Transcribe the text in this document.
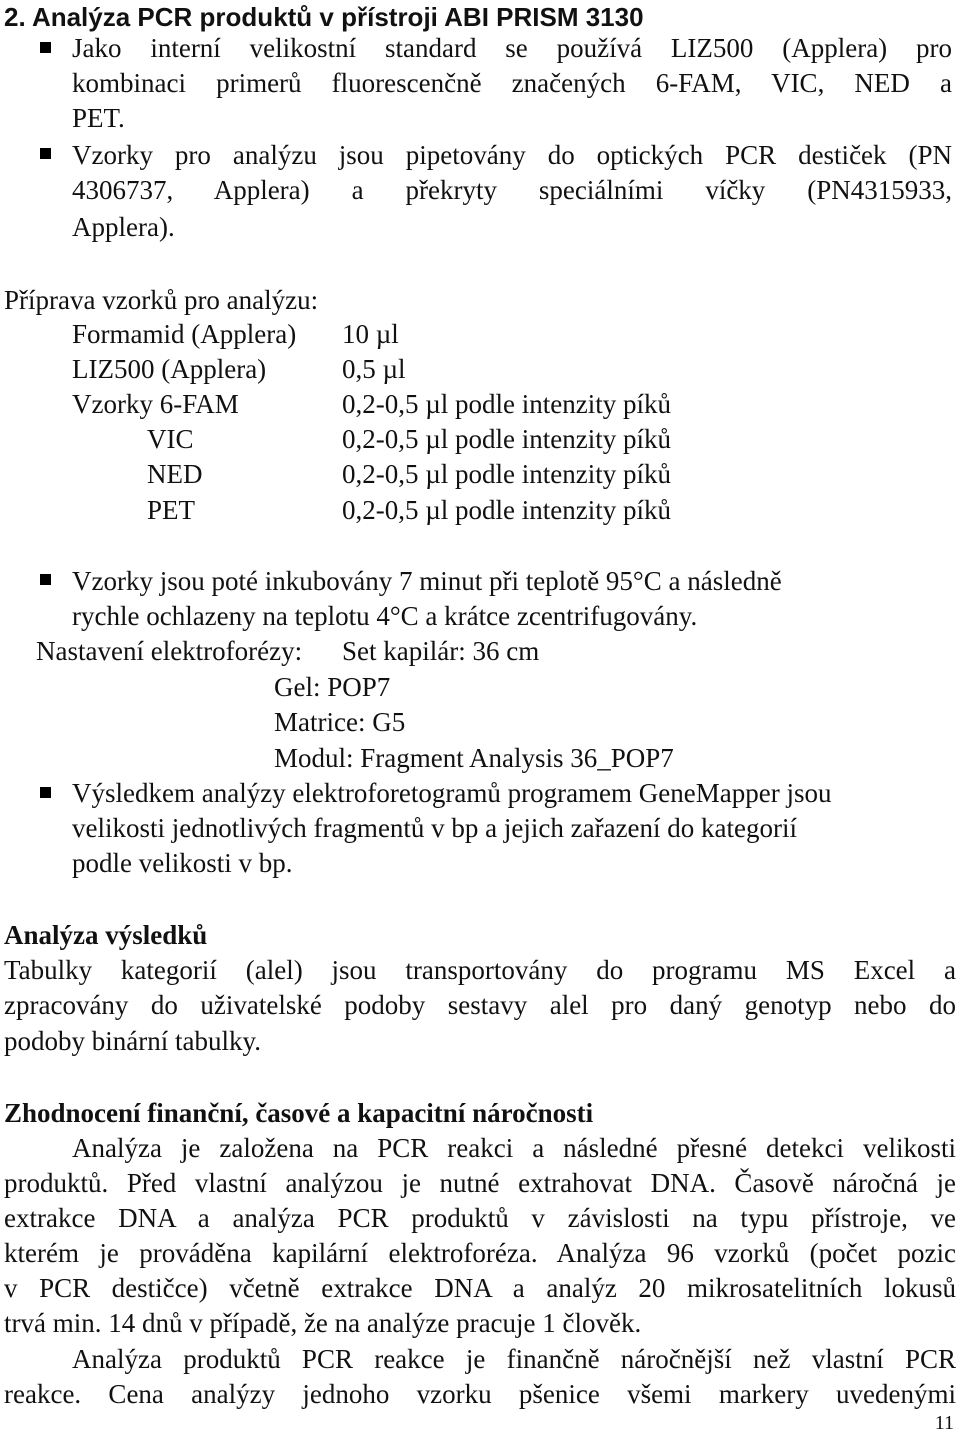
2. Analýza PCR produktů v přístroji ABI PRISM 3130
Jako interní velikostní standard se používá LIZ500 (Applera) pro
kombinaci primerů fluorescenčně značených 6-FAM, VIC, NED a
PET.
Vzorky pro analýzu jsou pipetovány do optických PCR destiček (PN
4306737, Applera) a překryty speciálními víčky (PN4315933,
Applera).
Příprava vzorků pro analýzu:
Formamid (Applera) 10 µl
LIZ500 (Applera)	0,5 µl
Vzorky 6-FAM	0,2-0,5 µl podle intenzity píků
VIC	0,2-0,5 µl podle intenzity píků
NED	0,2-0,5 µl podle intenzity píků
PET	0,2-0,5 µl podle intenzity píků
Vzorky jsou poté inkubovány 7 minut při teplotě 95°C a následně
rychle ochlazeny na teplotu 4°C a krátce zcentrifugovány.
Nastavení elektroforézy: Set kapilár: 36 cm
Gel: POP7
Matrice: G5
Modul: Fragment Analysis 36_POP7
Výsledkem analýzy elektroforetogramů programem GeneMapper jsou
velikosti jednotlivých fragmentů v bp a jejich zařazení do kategorií
podle velikosti v bp.
Analýza výsledků
Tabulky kategorií (alel) jsou transportovány do programu MS Excel a
zpracovány do uživatelské podoby sestavy alel pro daný genotyp nebo do
podoby binární tabulky.
Zhodnocení finanční, časové a kapacitní náročnosti
Analýza je založena na PCR reakci a následné přesné detekci velikosti
produktů. Před vlastní analýzou je nutné extrahovat DNA. Časově náročná je
extrakce DNA a analýza PCR produktů v závislosti na typu přístroje, ve
kterém je prováděna kapilární elektroforéza. Analýza 96 vzorků (počet pozic
v PCR destičce) včetně extrakce DNA a analýz 20 mikrosatelitních lokusů
trvá min. 14 dnů v případě, že na analýze pracuje 1 člověk.
Analýza produktů PCR reakce je finančně náročnější než vlastní PCR
reakce. Cena analýzy jednoho vzorku pšenice všemi markery uvedenými
11
